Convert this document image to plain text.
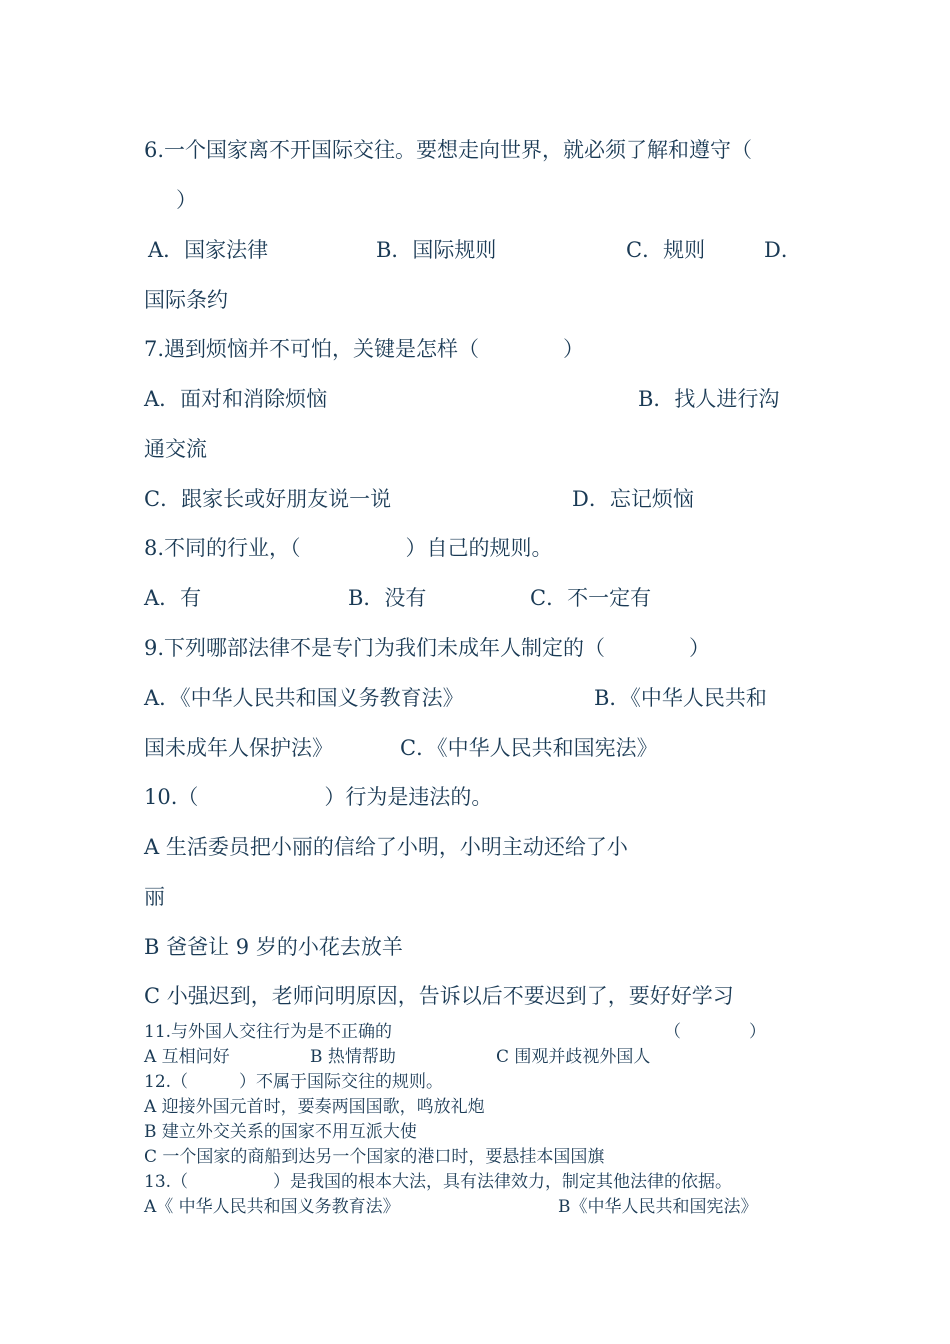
6.一个国家离不开国际交往。要想走向世界，就必须了解和遵守（
）
A．国家法律	B．国际规则	C．规则	D．
国际条约
7.遇到烦恼并不可怕，关键是怎样（　　　　）
A．面对和消除烦恼	B．找人进行沟
通交流
C．跟家长或好朋友说一说	D．忘记烦恼
8.不同的行业，（　　　　　）自己的规则。
A．有	B．没有	C．不一定有
9.下列哪部法律不是专门为我们未成年人制定的（　　　　）
A．《中华人民共和国义务教育法》	B．《中华人民共和
国未成年人保护法》	C．《中华人民共和国宪法》
10.（　　　　　　）行为是违法的。
A 生活委员把小丽的信给了小明，小明主动还给了小
丽
B 爸爸让 9 岁的小花去放羊
C 小强迟到，老师问明原因，告诉以后不要迟到了，要好好学习
11.与外国人交往行为是不正确的	（　　　　）
A 互相问好	B 热情帮助	C 围观并歧视外国人
12.（　　　）不属于国际交往的规则。
A 迎接外国元首时，要奏两国国歌，鸣放礼炮
B 建立外交关系的国家不用互派大使
C 一个国家的商船到达另一个国家的港口时，要悬挂本国国旗
13.（　　　　　）是我国的根本大法，具有法律效力，制定其他法律的依据。
A《 中华人民共和国义务教育法》	B《中华人民共和国宪法》
